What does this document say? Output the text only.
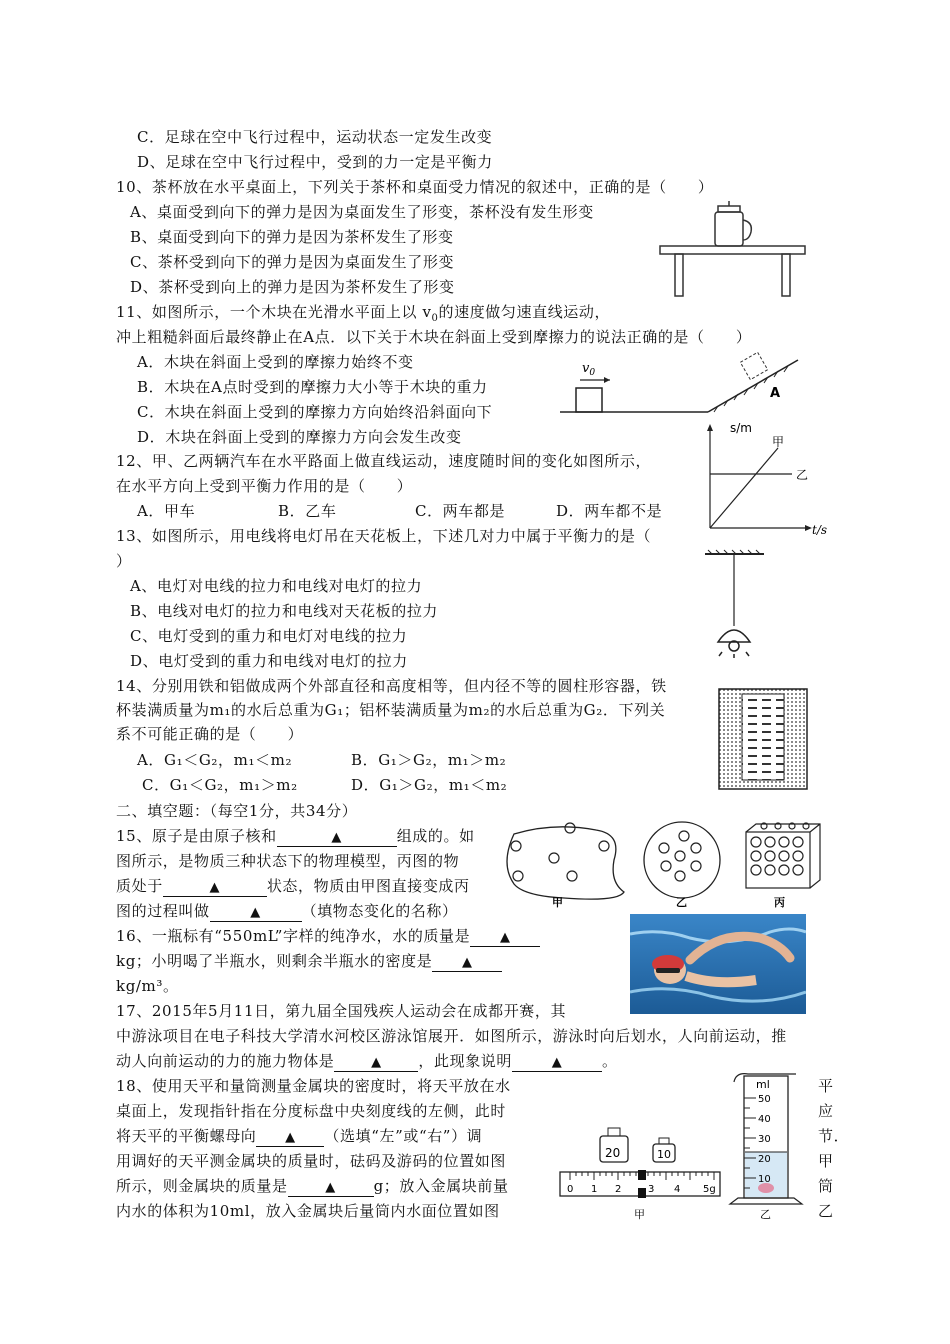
C．足球在空中飞行过程中，运动状态一定发生改变
D、足球在空中飞行过程中，受到的力一定是平衡力
10、茶杯放在水平桌面上，下列关于茶杯和桌面受力情况的叙述中，正确的是（　　）
A、桌面受到向下的弹力是因为桌面发生了形变，茶杯没有发生形变
B、桌面受到向下的弹力是因为茶杯发生了形变
C、茶杯受到向下的弹力是因为桌面发生了形变
D、茶杯受到向上的弹力是因为茶杯发生了形变
11、如图所示，一个木块在光滑水平面上以 $v_0$的速度做匀速直线运动，
冲上粗糙斜面后最终静止在A点．以下关于木块在斜面上受到摩擦力的说法正确的是（　　）
A．木块在斜面上受到的摩擦力始终不变
B．木块在A点时受到的摩擦力大小等于木块的重力
C．木块在斜面上受到的摩擦力方向始终沿斜面向下
D．木块在斜面上受到的摩擦力方向会发生改变
$v_0$
A
12、甲、乙两辆汽车在水平路面上做直线运动，速度随时间的变化如图所示，
在水平方向上受到平衡力作用的是（　　）
A．甲车	B．乙车	C．两车都是	D．两车都不是
s/m
t/s
甲
乙
13、如图所示，用电线将电灯吊在天花板上，下述几对力中属于平衡力的是（
）
A、电灯对电线的拉力和电线对电灯的拉力
B、电线对电灯的拉力和电线对天花板的拉力
C、电灯受到的重力和电灯对电线的拉力
D、电灯受到的重力和电线对电灯的拉力
14、分别用铁和铝做成两个外部直径和高度相等，但内径不等的圆柱形容器，铁
杯装满质量为m₁的水后总重为G₁；铝杯装满质量为m₂的水后总重为G₂．下列关
系不可能正确的是（　　）
A．G₁＜G₂，m₁＜m₂	B．G₁＞G₂，m₁＞m₂
C．G₁＜G₂，m₁＞m₂	D．G₁＞G₂，m₁＜m₂
二、填空题：（每空1分，共34分）
15、原子是由原子核和	▲	组成的。如
图所示，是物质三种状态下的物理模型，丙图的物
质处于	▲	状态，物质由甲图直接变成丙
图的过程叫做	▲	（填物态变化的名称）	甲	乙	丙
16、一瓶标有“550mL”字样的纯净水，水的质量是 ▲
kg；小明喝了半瓶水，则剩余半瓶水的密度是 ▲
kg/m³。
17、2015年5月11日，第九届全国残疾人运动会在成都开赛，其
中游泳项目在电子科技大学清水河校区游泳馆展开．如图所示，游泳时向后划水，人向前运动，推
动人向前运动的力的施力物体是	▲ ，此现象说明	▲	。
18、使用天平和量筒测量金属块的密度时，将天平放在水
桌面上，发现指针指在分度标盘中央刻度线的左侧，此时
将天平的平衡螺母向 ▲ （选填“左”或“右”）调
用调好的天平测金属块的质量时，砝码及游码的位置如图
所示，则金属块的质量是	▲	g；放入金属块前量
内水的体积为10ml，放入金属块后量筒内水面位置如图
平
应
节．
甲
筒
乙
20	10
0 1 2	3 4 5g
甲
ml
50
40
30
20
10
乙
